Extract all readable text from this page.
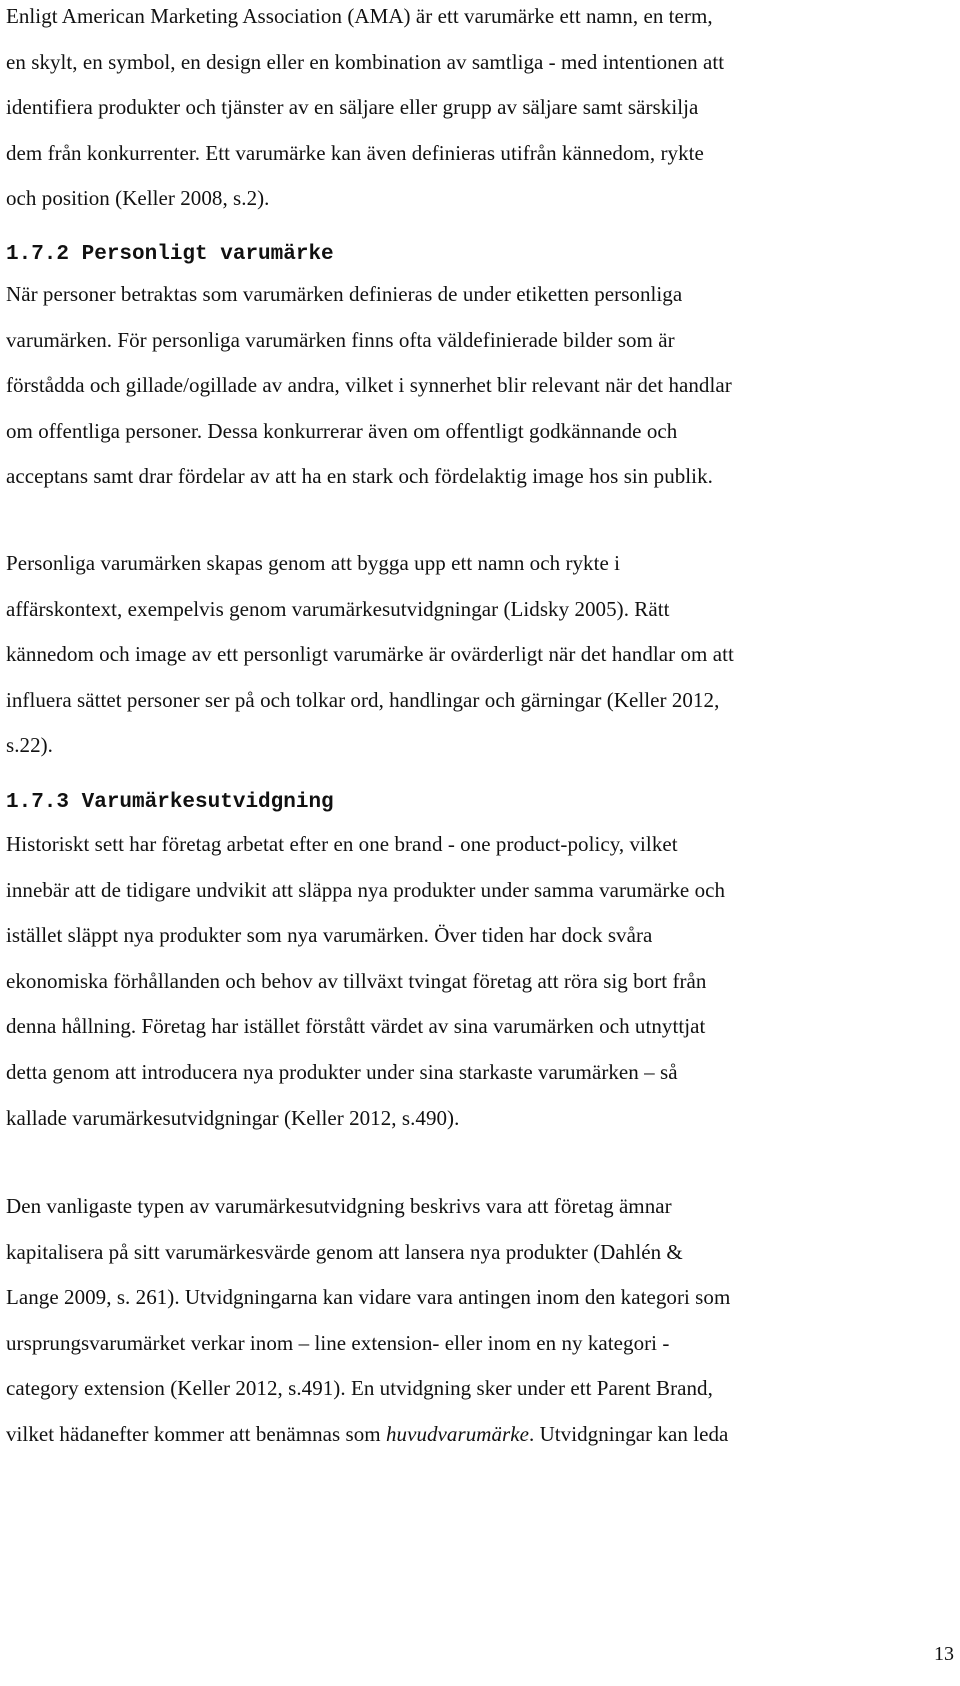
Enligt American Marketing Association (AMA) är ett varumärke ett namn, en term,
en skylt, en symbol, en design eller en kombination av samtliga - med intentionen att
identifiera produkter och tjänster av en säljare eller grupp av säljare samt särskilja
dem från konkurrenter. Ett varumärke kan även definieras utifrån kännedom, rykte
och position (Keller 2008, s.2).

1.7.2 Personligt varumärke

När personer betraktas som varumärken definieras de under etiketten personliga
varumärken. För personliga varumärken finns ofta väldefinierade bilder som är
förstådda och gillade/ogillade av andra, vilket i synnerhet blir relevant när det handlar
om offentliga personer. Dessa konkurrerar även om offentligt godkännande och
acceptans samt drar fördelar av att ha en stark och fördelaktig image hos sin publik.

Personliga varumärken skapas genom att bygga upp ett namn och rykte i
affärskontext, exempelvis genom varumärkesutvidgningar (Lidsky 2005). Rätt
kännedom och image av ett personligt varumärke är ovärderligt när det handlar om att
influera sättet personer ser på och tolkar ord, handlingar och gärningar (Keller 2012,
s.22).

1.7.3 Varumärkesutvidgning

Historiskt sett har företag arbetat efter en one brand - one product-policy, vilket
innebär att de tidigare undvikit att släppa nya produkter under samma varumärke och
istället släppt nya produkter som nya varumärken. Över tiden har dock svåra
ekonomiska förhållanden och behov av tillväxt tvingat företag att röra sig bort från
denna hållning. Företag har istället förstått värdet av sina varumärken och utnyttjat
detta genom att introducera nya produkter under sina starkaste varumärken – så
kallade varumärkesutvidgningar (Keller 2012, s.490).

Den vanligaste typen av varumärkesutvidgning beskrivs vara att företag ämnar
kapitalisera på sitt varumärkesvärde genom att lansera nya produkter (Dahlén &
Lange 2009, s. 261). Utvidgningarna kan vidare vara antingen inom den kategori som
ursprungsvarumärket verkar inom – line extension- eller inom en ny kategori -
category extension (Keller 2012, s.491). En utvidgning sker under ett Parent Brand,
vilket hädanefter kommer att benämnas som huvudvarumärke. Utvidgningar kan leda

13
